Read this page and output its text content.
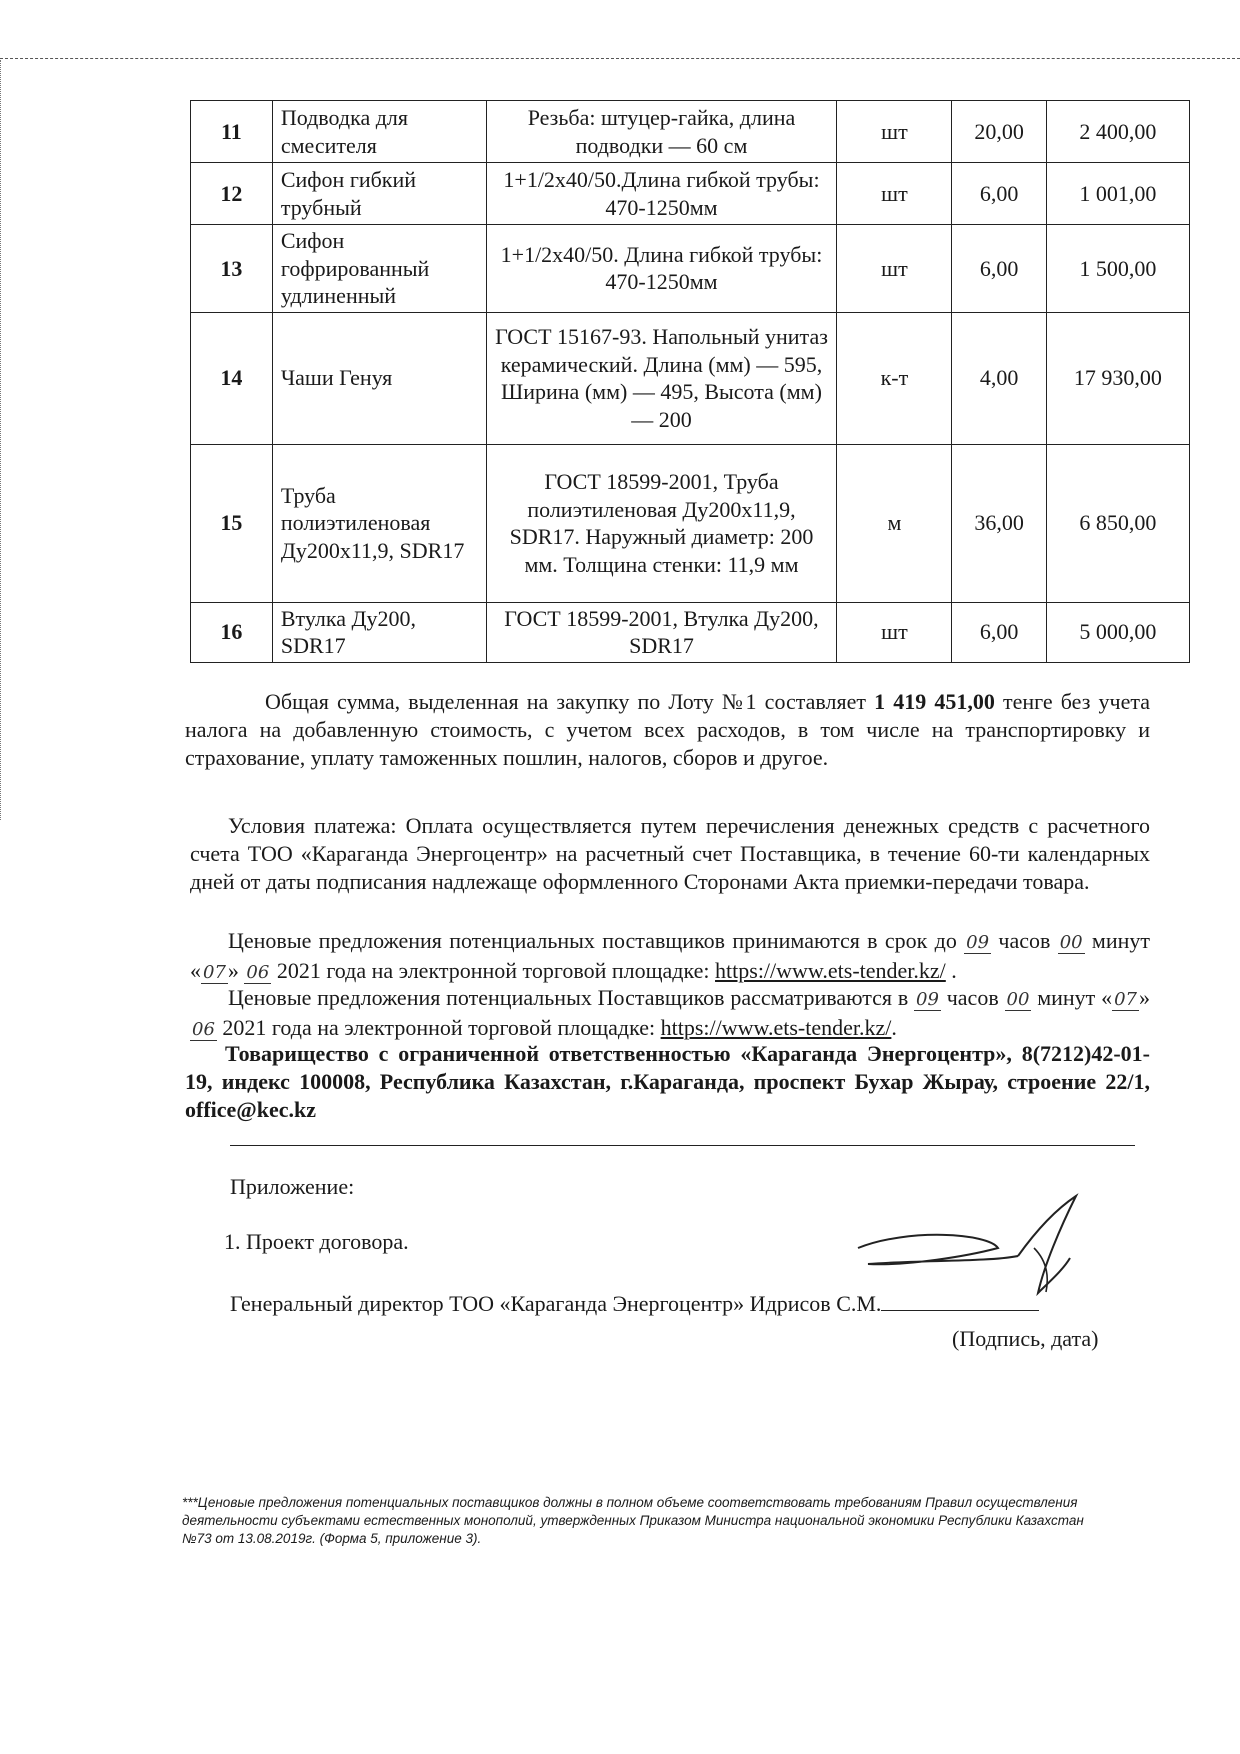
11	Подводка для смесителя	Резьба: штуцер-гайка, длина подводки — 60 см	шт	20,00	2 400,00
12	Сифон гибкий трубный	1+1/2х40/50.Длина гибкой трубы: 470-1250мм	шт	6,00	1 001,00
13	Сифон гофрированный удлиненный	1+1/2х40/50. Длина гибкой трубы: 470-1250мм	шт	6,00	1 500,00
14	Чаши Генуя	ГОСТ 15167-93. Напольный унитаз керамический. Длина (мм) — 595, Ширина (мм) — 495, Высота (мм) — 200	к-т	4,00	17 930,00
15	Труба полиэтиленовая Ду200х11,9, SDR17	ГОСТ 18599-2001, Труба полиэтиленовая Ду200х11,9, SDR17. Наружный диаметр: 200 мм. Толщина стенки: 11,9 мм	м	36,00	6 850,00
16	Втулка Ду200, SDR17	ГОСТ 18599-2001, Втулка Ду200, SDR17	шт	6,00	5 000,00
Общая сумма, выделенная на закупку по Лоту №1 составляет 1 419 451,00 тенге без учета налога на добавленную стоимость, с учетом всех расходов, в том числе на транспортировку и страхование, уплату таможенных пошлин, налогов, сборов и другое.
Условия платежа: Оплата осуществляется путем перечисления денежных средств с расчетного счета ТОО «Караганда Энергоцентр» на расчетный счет Поставщика, в течение 60-ти календарных дней от даты подписания надлежаще оформленного Сторонами Акта приемки-передачи товара.
Ценовые предложения потенциальных поставщиков принимаются в срок до 09 часов 00 минут « 07» 06 2021 года на электронной торговой площадке: https://www.ets-tender.kz/ .
Ценовые предложения потенциальных Поставщиков рассматриваются в 09 часов 00 минут « 07» 06 2021 года на электронной торговой площадке: https://www.ets-tender.kz/.
Товарищество с ограниченной ответственностью «Караганда Энергоцентр», 8(7212)42-01-19, индекс 100008, Республика Казахстан, г.Караганда, проспект Бухар Жырау, строение 22/1, office@kec.kz
Приложение:
1. Проект договора.
Генеральный директор ТОО «Караганда Энергоцентр» Идрисов С.М.
(Подпись, дата)
***Ценовые предложения потенциальных поставщиков должны в полном объеме соответствовать требованиям Правил осуществления деятельности субъектами естественных монополий, утвержденных Приказом Министра национальной экономики Республики Казахстан №73 от 13.08.2019г. (Форма 5, приложение 3).
